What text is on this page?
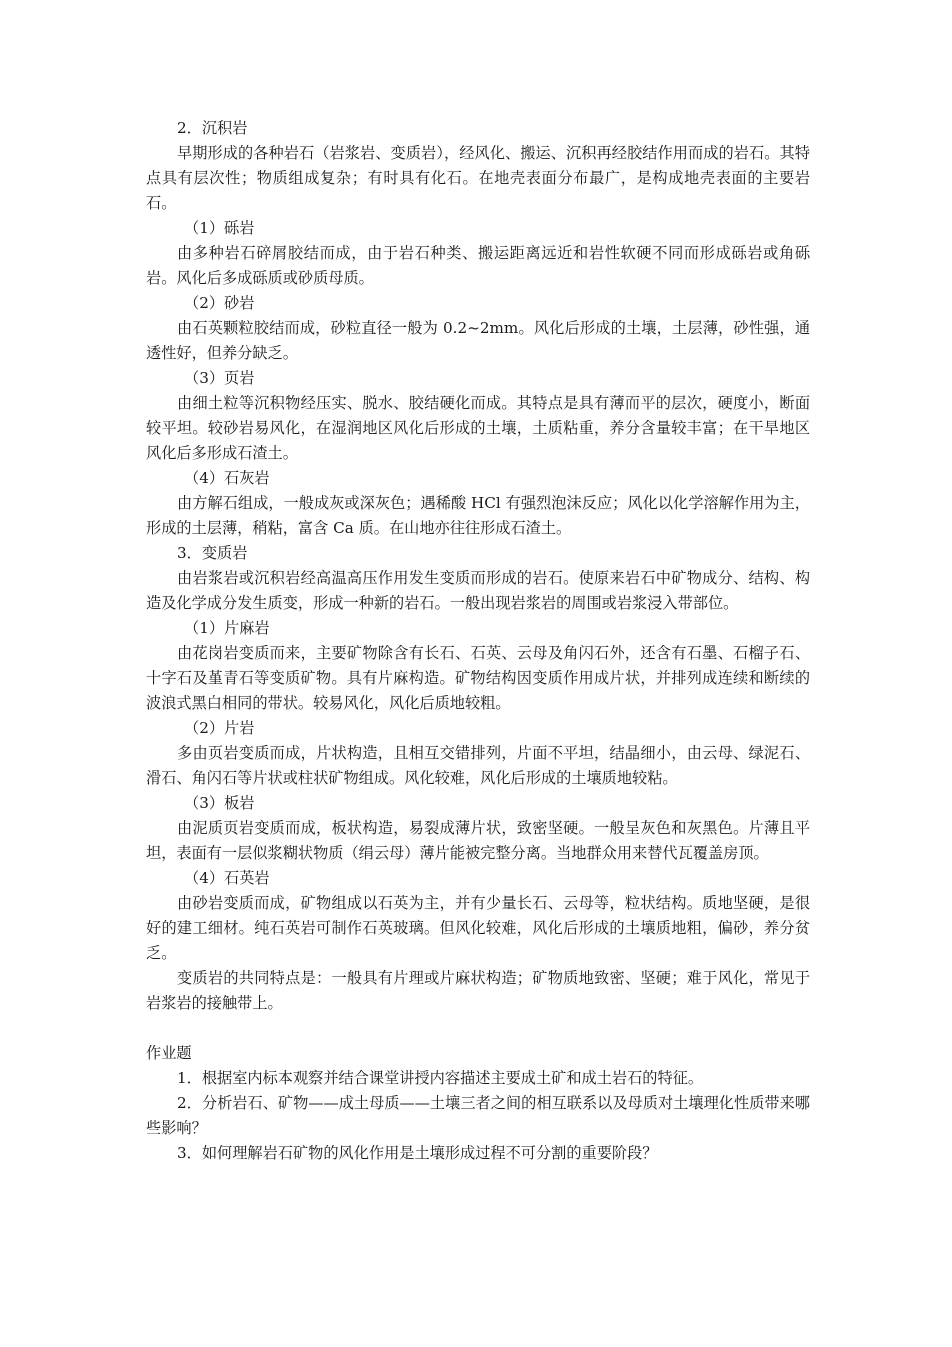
2．沉积岩

早期形成的各种岩石（岩浆岩、变质岩），经风化、搬运、沉积再经胶结作用而成的岩石。其特点具有层次性；物质组成复杂；有时具有化石。在地壳表面分布最广，是构成地壳表面的主要岩石。

（1）砾岩

由多种岩石碎屑胶结而成，由于岩石种类、搬运距离远近和岩性软硬不同而形成砾岩或角砾岩。风化后多成砾质或砂质母质。

（2）砂岩

由石英颗粒胶结而成，砂粒直径一般为 0.2~2mm。风化后形成的土壤，土层薄，砂性强，通透性好，但养分缺乏。

（3）页岩

由细土粒等沉积物经压实、脱水、胶结硬化而成。其特点是具有薄而平的层次，硬度小，断面较平坦。较砂岩易风化，在湿润地区风化后形成的土壤，土质粘重，养分含量较丰富；在干旱地区风化后多形成石渣土。

（4）石灰岩

由方解石组成，一般成灰或深灰色；遇稀酸 HCl 有强烈泡沫反应；风化以化学溶解作用为主，形成的土层薄，稍粘，富含 Ca 质。在山地亦往往形成石渣土。

3．变质岩

由岩浆岩或沉积岩经高温高压作用发生变质而形成的岩石。使原来岩石中矿物成分、结构、构造及化学成分发生质变，形成一种新的岩石。一般出现岩浆岩的周围或岩浆浸入带部位。

（1）片麻岩

由花岗岩变质而来，主要矿物除含有长石、石英、云母及角闪石外，还含有石墨、石榴子石、十字石及堇青石等变质矿物。具有片麻构造。矿物结构因变质作用成片状，并排列成连续和断续的波浪式黑白相同的带状。较易风化，风化后质地较粗。

（2）片岩

多由页岩变质而成，片状构造，且相互交错排列，片面不平坦，结晶细小，由云母、绿泥石、滑石、角闪石等片状或柱状矿物组成。风化较难，风化后形成的土壤质地较粘。

（3）板岩

由泥质页岩变质而成，板状构造，易裂成薄片状，致密坚硬。一般呈灰色和灰黑色。片薄且平坦，表面有一层似浆糊状物质（绢云母）薄片能被完整分离。当地群众用来替代瓦覆盖房顶。

（4）石英岩

由砂岩变质而成，矿物组成以石英为主，并有少量长石、云母等，粒状结构。质地坚硬，是很好的建工细材。纯石英岩可制作石英玻璃。但风化较难，风化后形成的土壤质地粗，偏砂，养分贫乏。

变质岩的共同特点是：一般具有片理或片麻状构造；矿物质地致密、坚硬；难于风化，常见于岩浆岩的接触带上。

作业题

1．根据室内标本观察并结合课堂讲授内容描述主要成土矿和成土岩石的特征。

2．分析岩石、矿物——成土母质——土壤三者之间的相互联系以及母质对土壤理化性质带来哪些影响？

3．如何理解岩石矿物的风化作用是土壤形成过程不可分割的重要阶段？
